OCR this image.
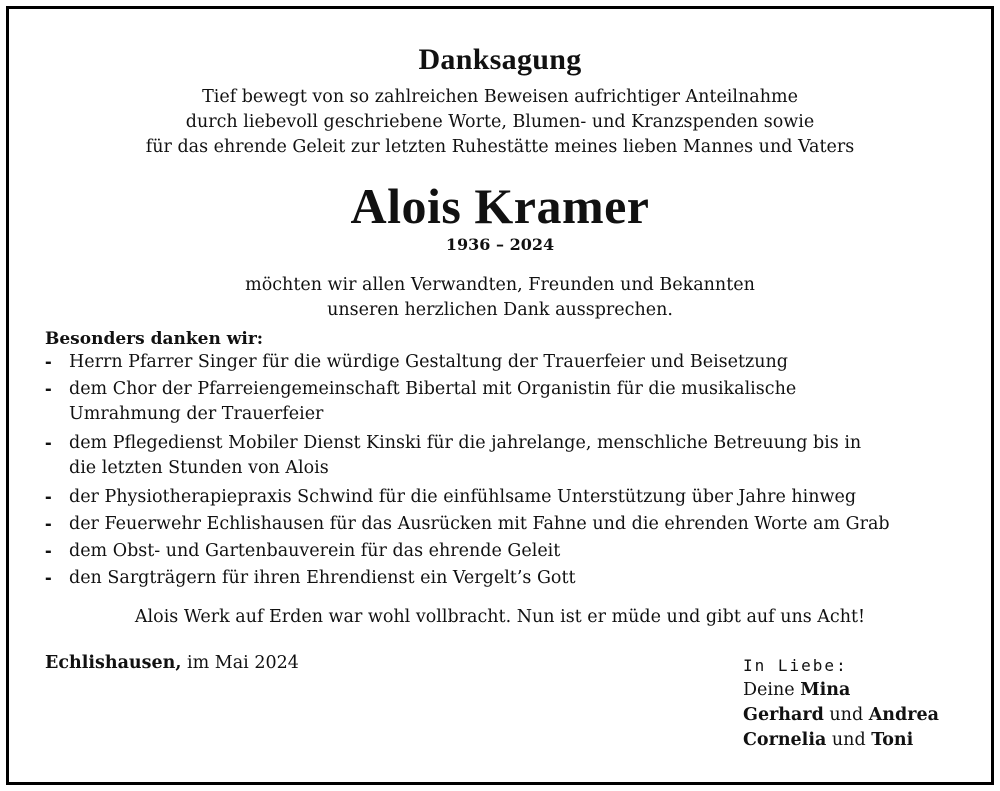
Danksagung
Tief bewegt von so zahlreichen Beweisen aufrichtiger Anteilnahme
durch liebevoll geschriebene Worte, Blumen- und Kranzspenden sowie
für das ehrende Geleit zur letzten Ruhestätte meines lieben Mannes und Vaters
Alois Kramer
1936 – 2024
möchten wir allen Verwandten, Freunden und Bekannten
unseren herzlichen Dank aussprechen.
Besonders danken wir:
- Herrn Pfarrer Singer für die würdige Gestaltung der Trauerfeier und Beisetzung
- dem Chor der Pfarreiengemeinschaft Bibertal mit Organistin für die musikalische
Umrahmung der Trauerfeier
- dem Pflegedienst Mobiler Dienst Kinski für die jahrelange, menschliche Betreuung bis in
die letzten Stunden von Alois
- der Physiotherapiepraxis Schwind für die einfühlsame Unterstützung über Jahre hinweg
- der Feuerwehr Echlishausen für das Ausrücken mit Fahne und die ehrenden Worte am Grab
- dem Obst- und Gartenbauverein für das ehrende Geleit
- den Sargträgern für ihren Ehrendienst ein Vergelt’s Gott
Alois Werk auf Erden war wohl vollbracht. Nun ist er müde und gibt auf uns Acht!
Echlishausen, im Mai 2024	In Liebe:
Deine Mina
Gerhard und Andrea
Cornelia und Toni
